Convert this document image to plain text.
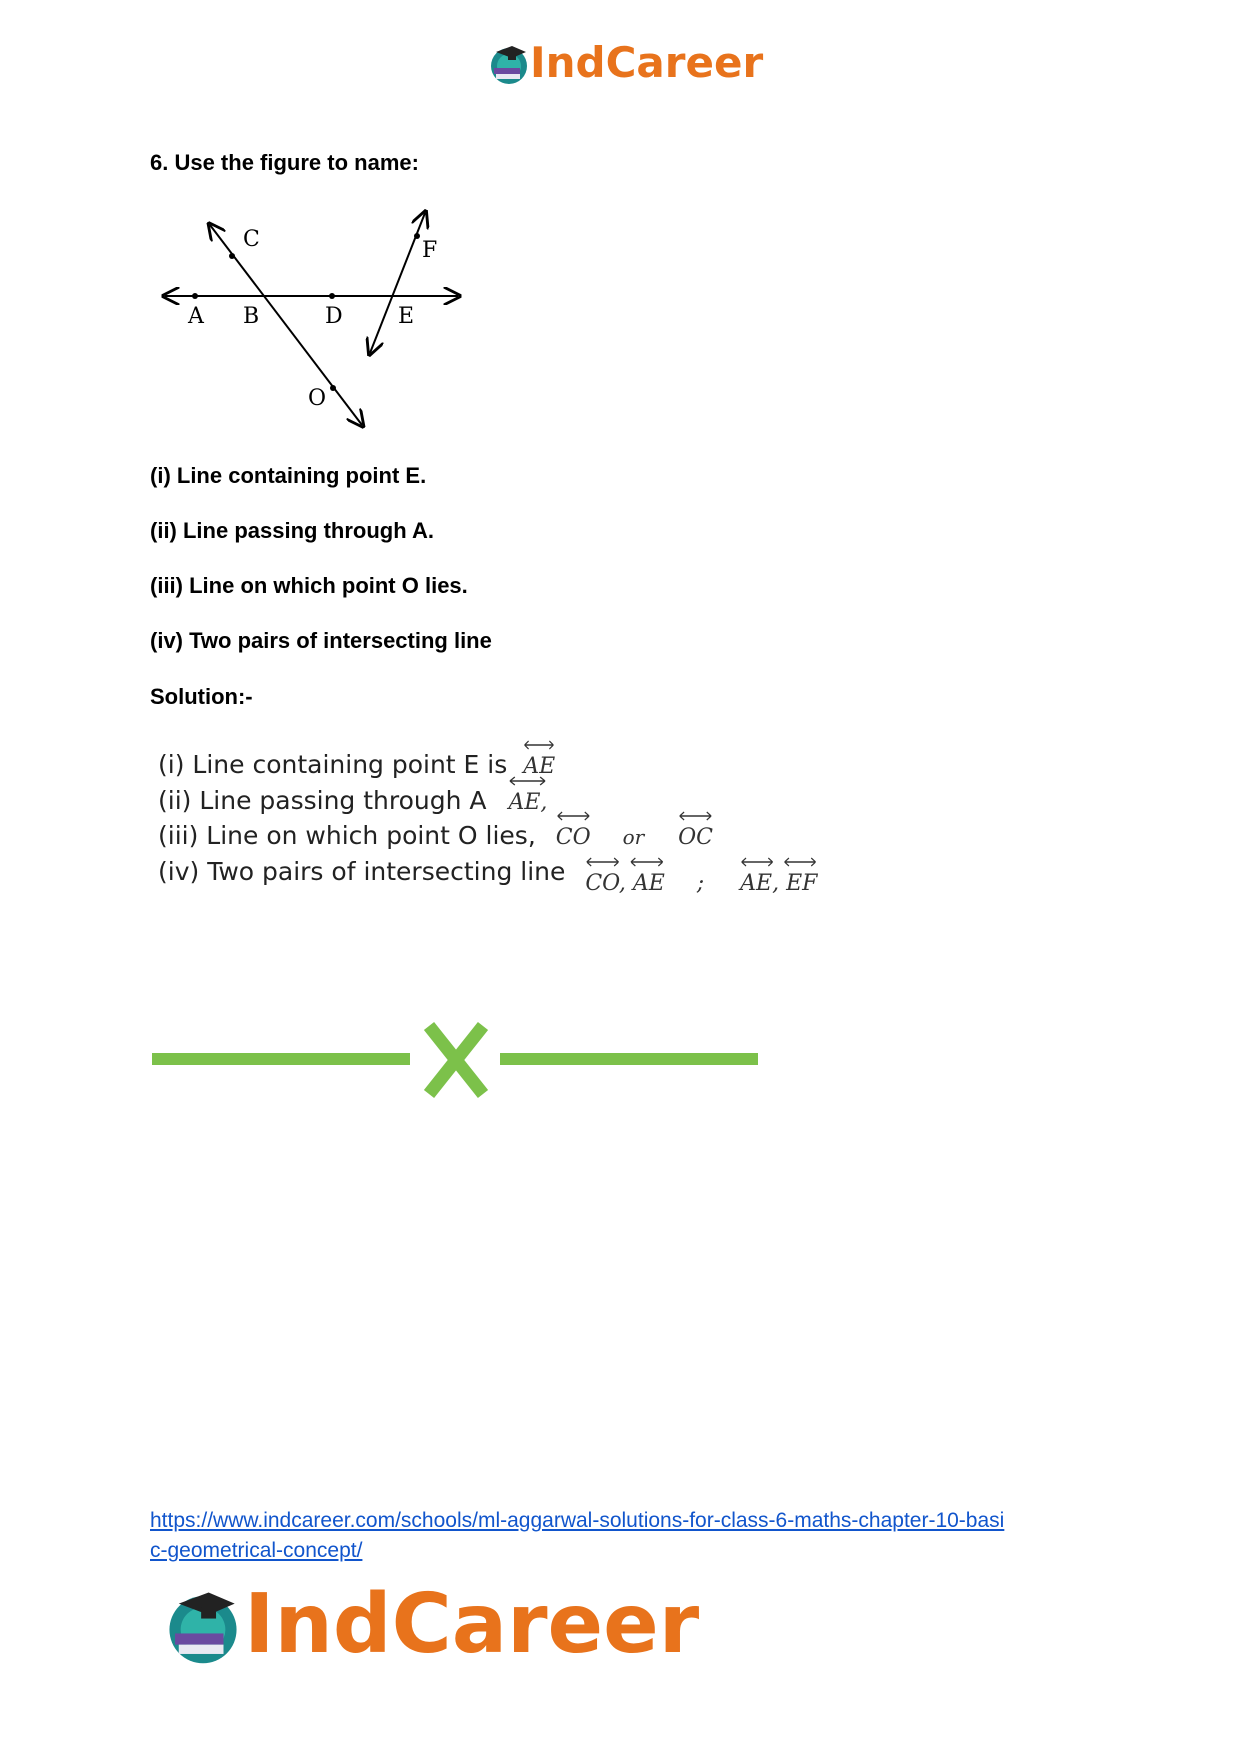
IndCareer
6. Use the figure to name:
C	F
A B	D	E
O
(i) Line containing point E.
(ii) Line passing through A.
(iii) Line on which point O lies.
(iv) Two pairs of intersecting line
Solution:-
(i) Line containing point E is AE
(ii) Line passing through A AE,
(iii) Line on which point O lies, CO or OC
(iv) Two pairs of intersecting line CO, AE ; AE, EF
https://www.indcareer.com/schools/ml-aggarwal-solutions-for-class-6-maths-chapter-10-basi
c-geometrical-concept/
IndCareer
